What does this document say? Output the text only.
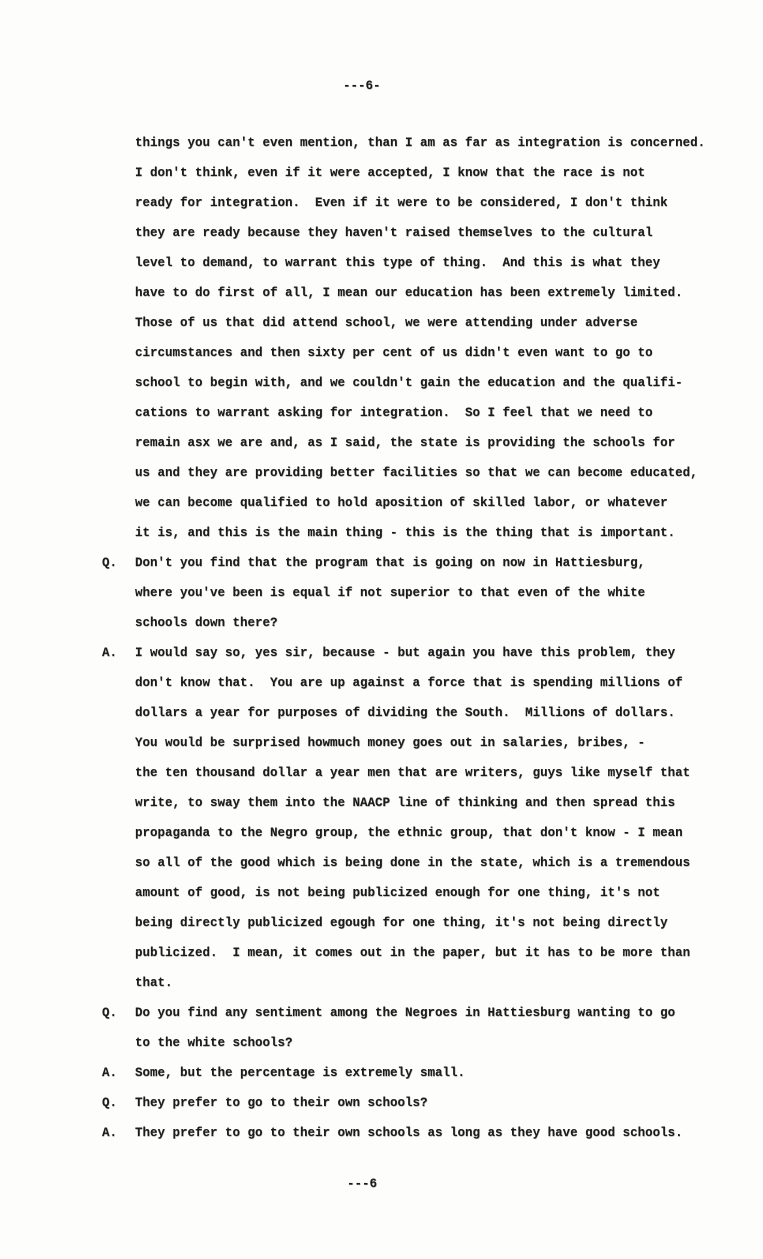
---6-
things you can't even mention, than I am as far as integration is concerned.
I don't think, even if it were accepted, I know that the race is not
ready for integration.  Even if it were to be considered, I don't think
they are ready because they haven't raised themselves to the cultural
level to demand, to warrant this type of thing.  And this is what they
have to do first of all, I mean our education has been extremely limited.
Those of us that did attend school, we were attending under adverse
circumstances and then sixty per cent of us didn't even want to go to
school to begin with, and we couldn't gain the education and the qualifi-
cations to warrant asking for integration.  So I feel that we need to
remain asx we are and, as I said, the state is providing the schools for
us and they are providing better facilities so that we can become educated,
we can become qualified to hold aposition of skilled labor, or whatever
it is, and this is the main thing - this is the thing that is important.
Q. Don't you find that the program that is going on now in Hattiesburg,
where you've been is equal if not superior to that even of the white
schools down there?
A. I would say so, yes sir, because - but again you have this problem, they
don't know that.  You are up against a force that is spending millions of
dollars a year for purposes of dividing the South.  Millions of dollars.
You would be surprised howmuch money goes out in salaries, bribes, -
the ten thousand dollar a year men that are writers, guys like myself that
write, to sway them into the NAACP line of thinking and then spread this
propaganda to the Negro group, the ethnic group, that don't know - I mean
so all of the good which is being done in the state, which is a tremendous
amount of good, is not being publicized enough for one thing, it's not
being directly publicized egough for one thing, it's not being directly
publicized.  I mean, it comes out in the paper, but it has to be more than
that.
Q. Do you find any sentiment among the Negroes in Hattiesburg wanting to go
to the white schools?
A. Some, but the percentage is extremely small.
Q. They prefer to go to their own schools?
A. They prefer to go to their own schools as long as they have good schools.
---6
